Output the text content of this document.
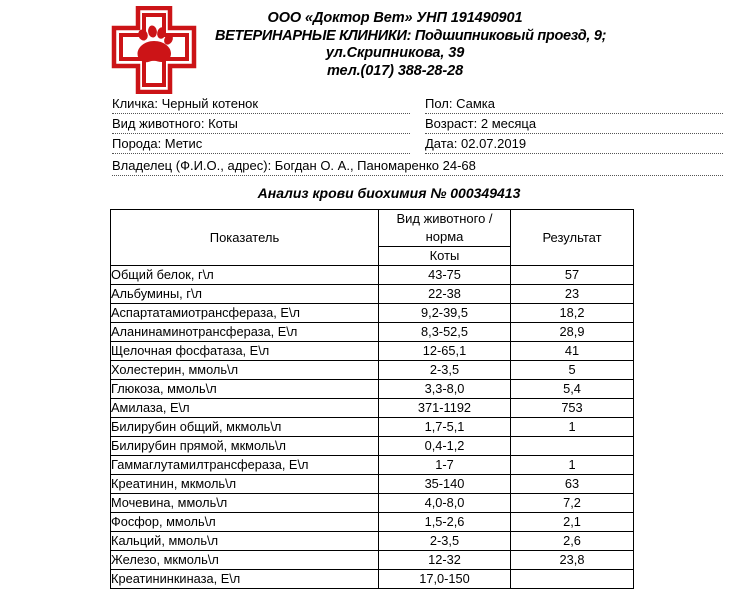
ООО «Доктор Вет» УНП 191490901
ВЕТЕРИНАРНЫЕ КЛИНИКИ: Подшипниковый проезд, 9;
ул.Скрипникова, 39
тел.(017) 388-28-28
Кличка: Черный котенок	Пол: Самка
Вид животного: Коты	Возраст: 2 месяца
Порода: Метис	Дата: 02.07.2019
Владелец (Ф.И.О., адрес): Богдан О. А., Паномаренко 24-68
Анализ крови биохимия № 000349413
Показатель	Вид животного / норма	Результат
	Коты	
Общий белок, г\л	43-75	57
Альбумины, г\л	22-38	23
Аспартатамиотрансфераза, Е\л	9,2-39,5	18,2
Аланинаминотрансфераза, Е\л	8,3-52,5	28,9
Щелочная фосфатаза, Е\л	12-65,1	41
Холестерин, ммоль\л	2-3,5	5
Глюкоза, ммоль\л	3,3-8,0	5,4
Амилаза, Е\л	371-1192	753
Билирубин общий, мкмоль\л	1,7-5,1	1
Билирубин прямой, мкмоль\л	0,4-1,2	
Гаммаглутамилтрансфераза, Е\л	1-7	1
Креатинин, мкмоль\л	35-140	63
Мочевина, ммоль\л	4,0-8,0	7,2
Фосфор, ммоль\л	1,5-2,6	2,1
Кальций, ммоль\л	2-3,5	2,6
Железо, мкмоль\л	12-32	23,8
Креатининкиназа, Е\л	17,0-150	
